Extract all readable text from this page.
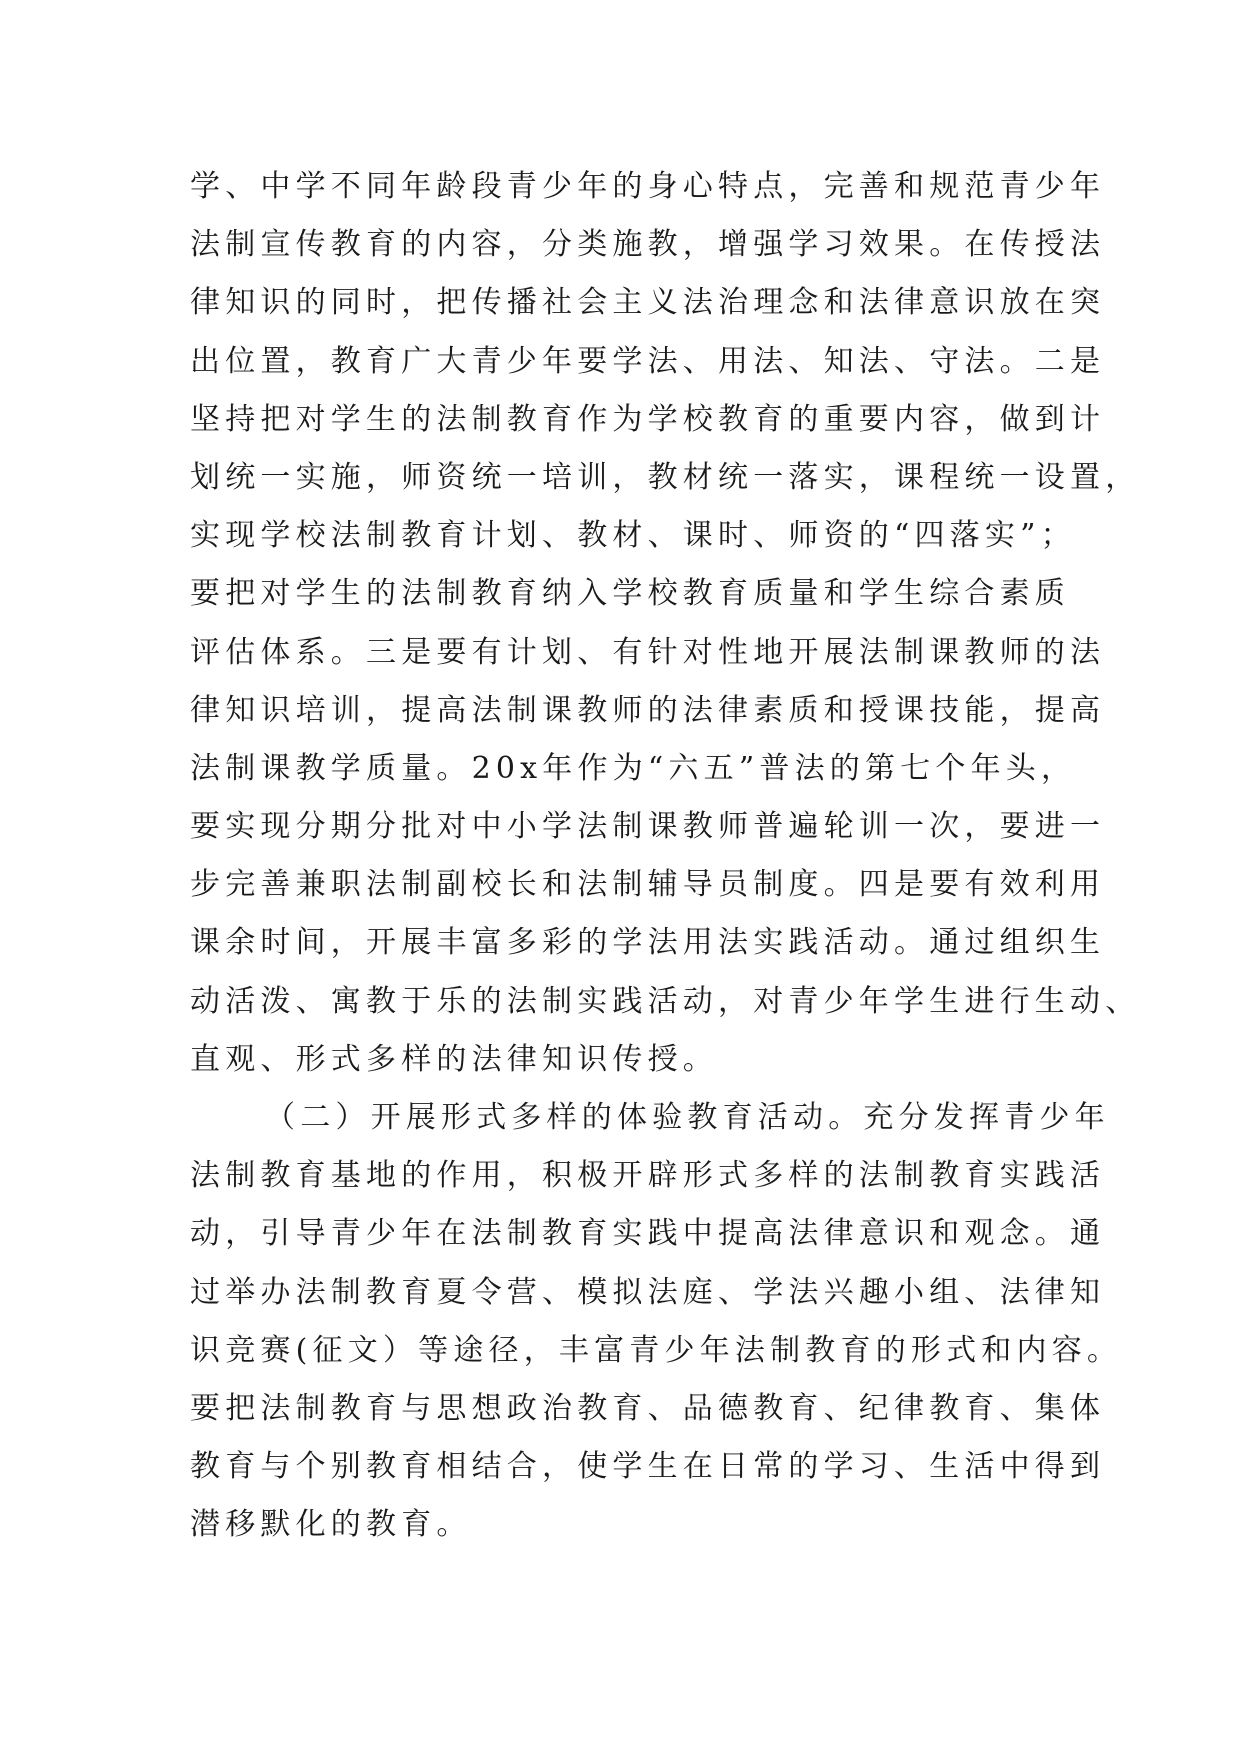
学、中学不同年龄段青少年的身心特点，完善和规范青少年
法制宣传教育的内容，分类施教，增强学习效果。在传授法
律知识的同时，把传播社会主义法治理念和法律意识放在突
出位置，教育广大青少年要学法、用法、知法、守法。二是
坚持把对学生的法制教育作为学校教育的重要内容，做到计
划统一实施，师资统一培训，教材统一落实，课程统一设置，
实现学校法制教育计划、教材、课时、师资的“四落实”；
要把对学生的法制教育纳入学校教育质量和学生综合素质
评估体系。三是要有计划、有针对性地开展法制课教师的法
律知识培训，提高法制课教师的法律素质和授课技能，提高
法制课教学质量。20x年作为“六五”普法的第七个年头，
要实现分期分批对中小学法制课教师普遍轮训一次，要进一
步完善兼职法制副校长和法制辅导员制度。四是要有效利用
课余时间，开展丰富多彩的学法用法实践活动。通过组织生
动活泼、寓教于乐的法制实践活动，对青少年学生进行生动、
直观、形式多样的法律知识传授。
（二）开展形式多样的体验教育活动。充分发挥青少年
法制教育基地的作用，积极开辟形式多样的法制教育实践活
动，引导青少年在法制教育实践中提高法律意识和观念。通
过举办法制教育夏令营、模拟法庭、学法兴趣小组、法律知
识竞赛(征文）等途径，丰富青少年法制教育的形式和内容。
要把法制教育与思想政治教育、品德教育、纪律教育、集体
教育与个别教育相结合，使学生在日常的学习、生活中得到
潜移默化的教育。
